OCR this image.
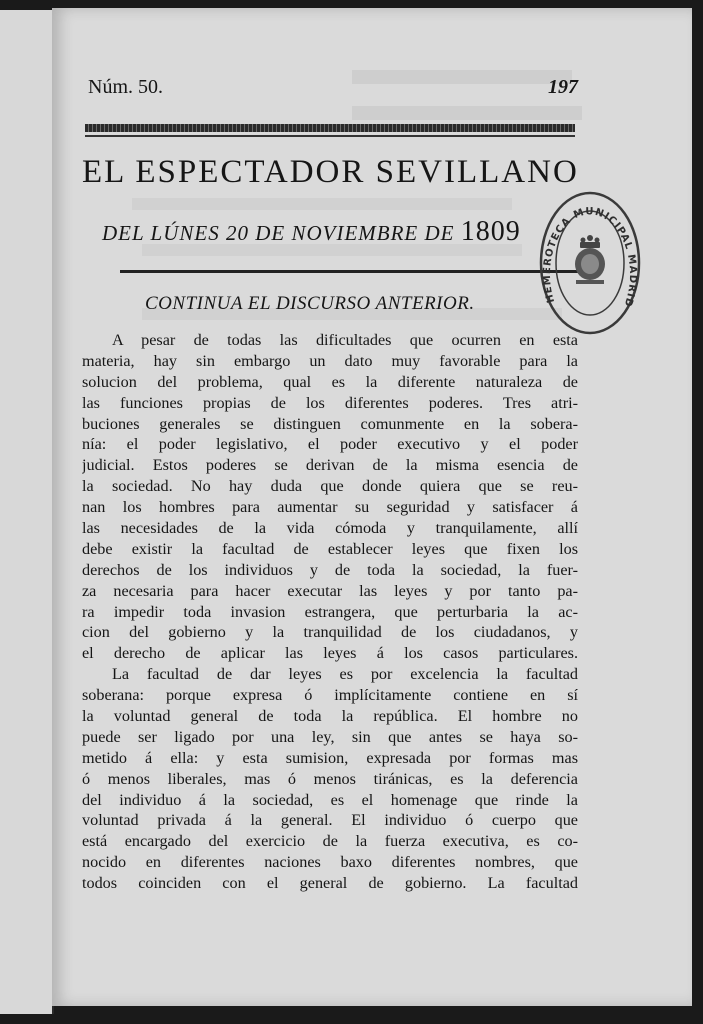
Núm. 50.	197
EL ESPECTADOR SEVILLANO
DEL LÚNES 20 DE NOVIEMBRE DE 1809
CONTINUA EL DISCURSO ANTERIOR.
A pesar de todas las dificultades que ocurren en esta
materia, hay sin embargo un dato muy favorable para la
solucion del problema, qual es la diferente naturaleza de
las funciones propias de los diferentes poderes. Tres atri-
buciones generales se distinguen comunmente en la sobera-
nía: el poder legislativo, el poder executivo y el poder
judicial. Estos poderes se derivan de la misma esencia de
la sociedad. No hay duda que donde quiera que se reu-
nan los hombres para aumentar su seguridad y satisfacer á
las necesidades de la vida cómoda y tranquilamente, allí
debe existir la facultad de establecer leyes que fixen los
derechos de los individuos y de toda la sociedad, la fuer-
za necesaria para hacer executar las leyes y por tanto pa-
ra impedir toda invasion estrangera, que perturbaria la ac-
cion del gobierno y la tranquilidad de los ciudadanos, y
el derecho de aplicar las leyes á los casos particulares.
La facultad de dar leyes es por excelencia la facultad
soberana: porque expresa ó implícitamente contiene en sí
la voluntad general de toda la república. El hombre no
puede ser ligado por una ley, sin que antes se haya so-
metido á ella: y esta sumision, expresada por formas mas
ó menos liberales, mas ó menos tiránicas, es la deferencia
del individuo á la sociedad, es el homenage que rinde la
voluntad privada á la general. El individuo ó cuerpo que
está encargado del exercicio de la fuerza executiva, es co-
nocido en diferentes naciones baxo diferentes nombres, que
todos coinciden con el general de gobierno. La facultad
HEMEROTECA MUNICIPAL MADRID
